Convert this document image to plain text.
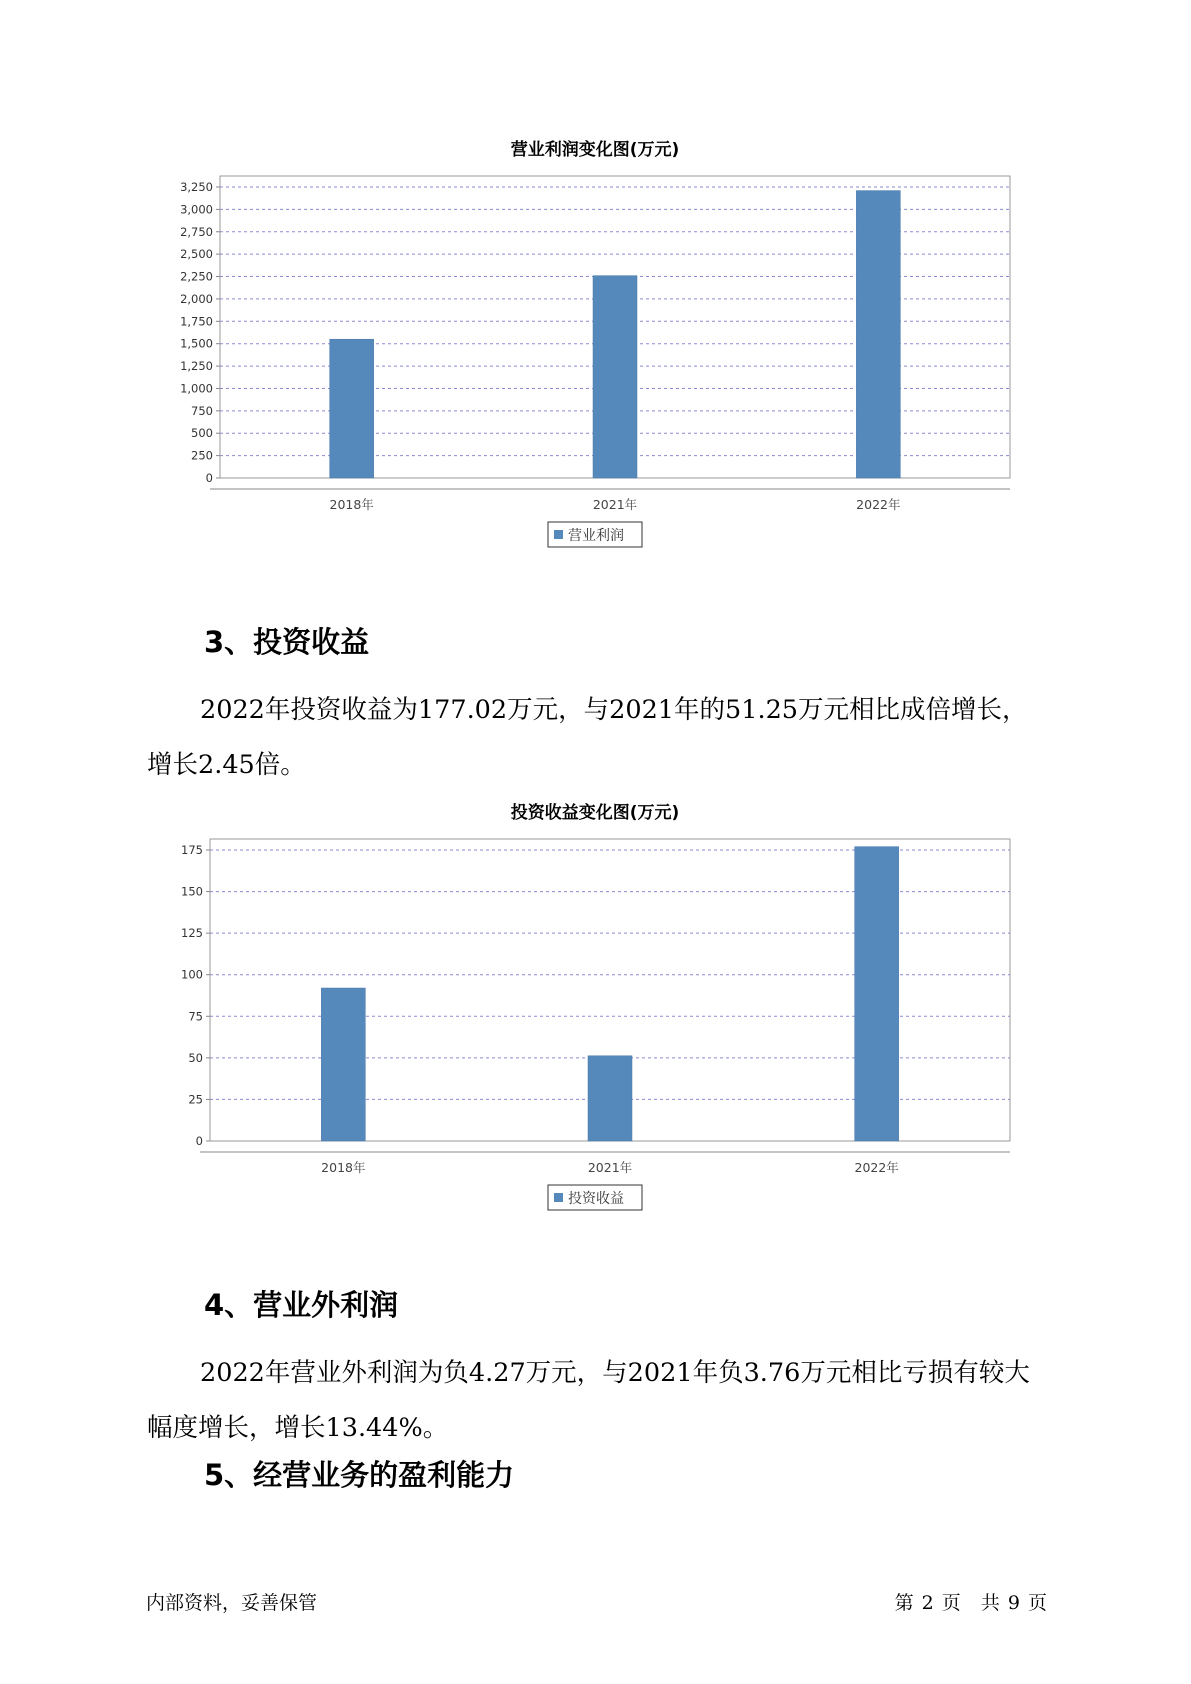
营业利润变化图(万元)
0
250
500
750
1,000
1,250
1,500
1,750
2,000
2,250
2,500
2,750
3,000
3,250
2018年	2021年	2022年
营业利润
3、投资收益

2022年投资收益为177.02万元，与2021年的51.25万元相比成倍增长，增长2.45倍。

投资收益变化图(万元)
0
25
50
75
100
125
150
175
2018年	2021年	2022年
投资收益
4、营业外利润

2022年营业外利润为负4.27万元，与2021年负3.76万元相比亏损有较大幅度增长，增长13.44%。

5、经营业务的盈利能力
内部资料，妥善保管	第 2 页 共 9 页
